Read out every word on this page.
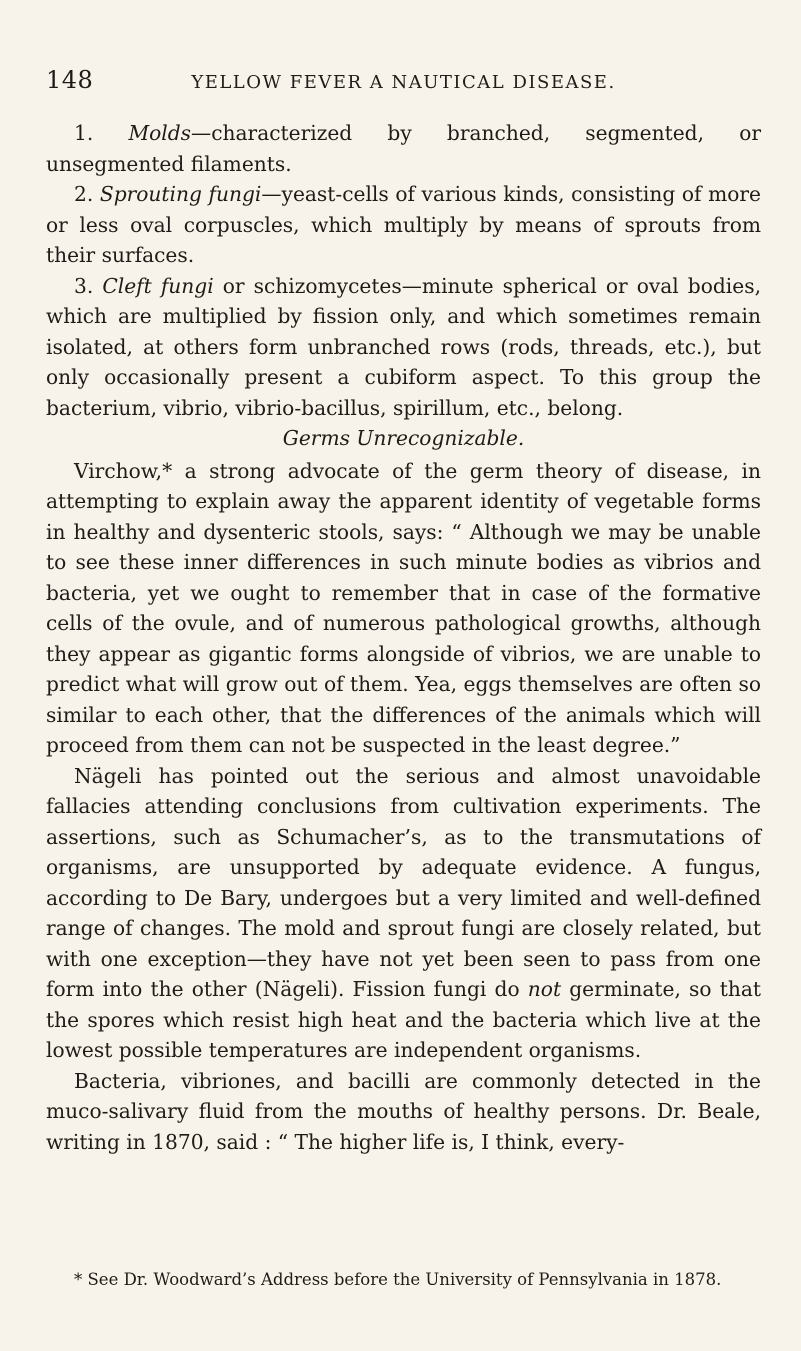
148	YELLOW FEVER A NAUTICAL DISEASE.

1. Molds—characterized by branched, segmented, or unsegmented filaments.

2. Sprouting fungi—yeast-cells of various kinds, consisting of more or less oval corpuscles, which multiply by means of sprouts from their surfaces.

3. Cleft fungi or schizomycetes—minute spherical or oval bodies, which are multiplied by fission only, and which sometimes remain isolated, at others form unbranched rows (rods, threads, etc.), but only occasionally present a cubiform aspect. To this group the bacterium, vibrio, vibrio-bacillus, spirillum, etc., belong.

Germs Unrecognizable.

Virchow,* a strong advocate of the germ theory of disease, in attempting to explain away the apparent identity of vegetable forms in healthy and dysenteric stools, says: “ Although we may be unable to see these inner differences in such minute bodies as vibrios and bacteria, yet we ought to remember that in case of the formative cells of the ovule, and of numerous pathological growths, although they appear as gigantic forms alongside of vibrios, we are unable to predict what will grow out of them. Yea, eggs themselves are often so similar to each other, that the differences of the animals which will proceed from them can not be suspected in the least degree.”

Nägeli has pointed out the serious and almost unavoidable fallacies attending conclusions from cultivation experiments. The assertions, such as Schumacher’s, as to the transmutations of organisms, are unsupported by adequate evidence. A fungus, according to De Bary, undergoes but a very limited and well-defined range of changes. The mold and sprout fungi are closely related, but with one exception—they have not yet been seen to pass from one form into the other (Nägeli). Fission fungi do not germinate, so that the spores which resist high heat and the bacteria which live at the lowest possible temperatures are independent organisms.

Bacteria, vibriones, and bacilli are commonly detected in the muco-salivary fluid from the mouths of healthy persons. Dr. Beale, writing in 1870, said : “ The higher life is, I think, every-

* See Dr. Woodward’s Address before the University of Pennsylvania in 1878.
